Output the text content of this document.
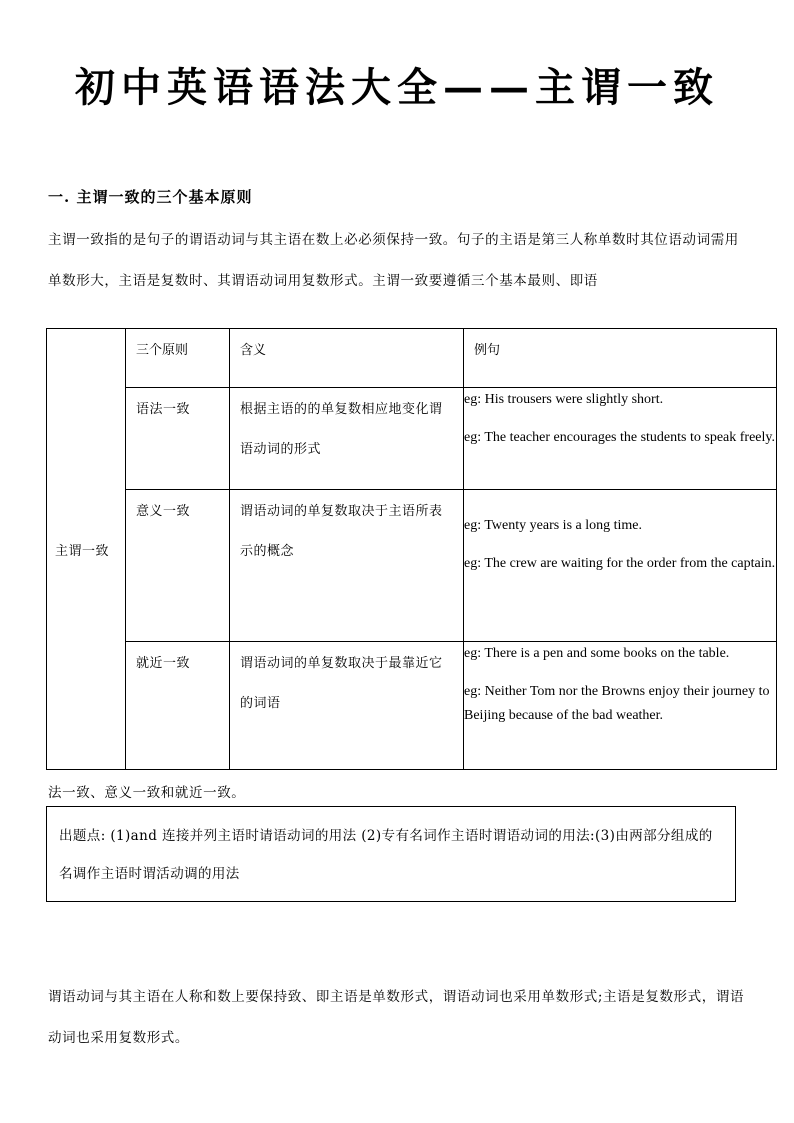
初中英语语法大全——主谓一致
一. 主谓一致的三个基本原则
主谓一致指的是句子的谓语动词与其主语在数上必必须保持一致。句子的主语是第三人称单数时其位语动词需用单数形大，主语是复数时、其谓语动词用复数形式。主谓一致要遵循三个基本最则、即语
主谓一致	三个原则	含义	例句

	语法一致	根据主语的的单复数相应地变化谓语动词的形式	eg: His trousers were slightly short.

eg: The teacher encourages the students to speak freely.

	意义一致	谓语动词的单复数取决于主语所表示的概念	eg: Twenty years is a long time.

eg: The crew are waiting for the order from the captain.

	就近一致	谓语动词的单复数取决于最靠近它的词语	eg: There is a pen and some books on the table.

eg: Neither Tom nor the Browns enjoy their journey to Beijing because of the bad weather.

法一致、意义一致和就近一致。
出题点: (1)and 连接并列主语时请语动词的用法 (2)专有名词作主语时谓语动词的用法:(3)由两部分组成的名调作主语时谓活动调的用法
谓语动词与其主语在人称和数上要保持致、即主语是单数形式，谓语动词也采用单数形式;主语是复数形式，谓语动词也采用复数形式。
